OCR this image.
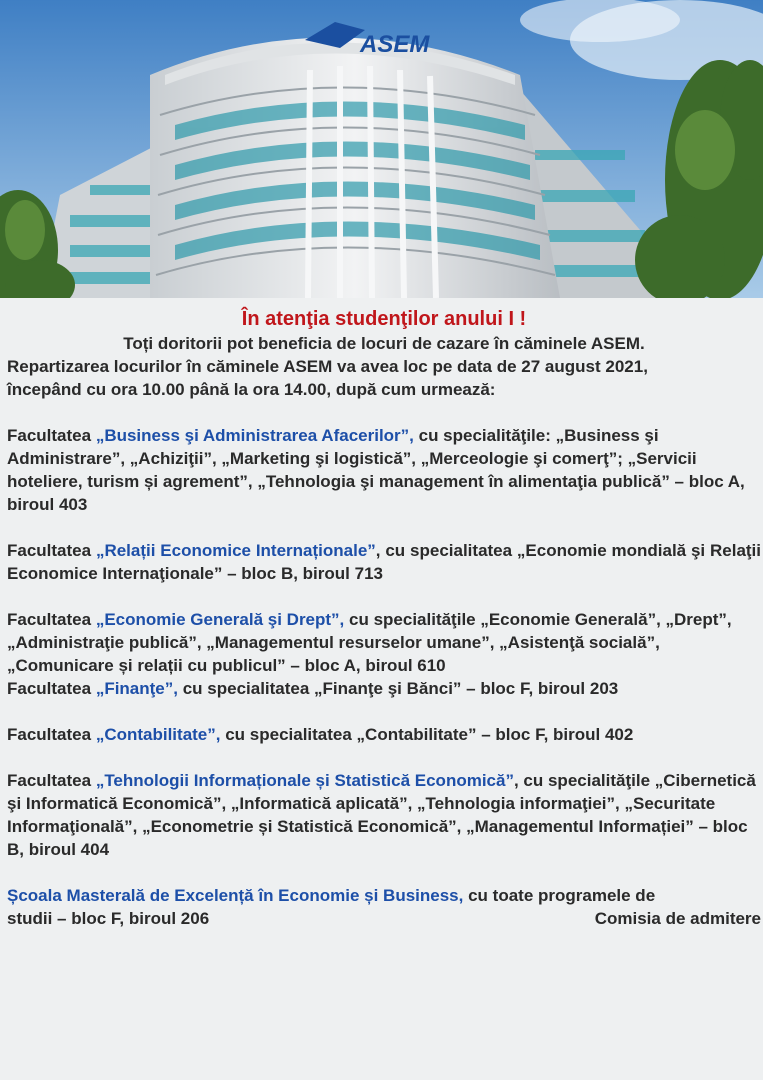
ASEM

În atenţia studenţilor anului I !

Toți doritorii pot beneficia de locuri de cazare în căminele ASEM.

Repartizarea locurilor în căminele ASEM va avea loc pe data de 27 august 2021,

începând cu ora 10.00 până la ora 14.00, după cum urmează:

Facultatea „Business şi Administrarea Afacerilor”, cu specialităţile: „Business şi Administrare”, „Achiziţii”, „Marketing şi logistică”, „Merceologie şi comerţ”; „Servicii hoteliere, turism și agrement”, „Tehnologia şi management în alimentaţia publică” – bloc A, biroul 403

Facultatea „Relații Economice Internaționale”, cu specialitatea „Economie mondială şi Relaţii Economice Internaţionale” – bloc B, biroul 713

Facultatea „Economie Generală şi Drept”, cu specialităţile „Economie Generală”, „Drept”, „Administraţie publică”, „Managementul resurselor umane”, „Asistenţă socială”, „Comunicare și relații cu publicul” – bloc A, biroul 610

Facultatea „Finanţe”, cu specialitatea „Finanţe şi Bănci” – bloc F, biroul 203

Facultatea „Contabilitate”, cu specialitatea „Contabilitate” – bloc F, biroul 402

Facultatea „Tehnologii Informaționale și Statistică Economică”, cu specialităţile „Cibernetică şi Informatică Economică”, „Informatică aplicată”, „Tehnologia informaţiei”, „Securitate Informaţională”, „Econometrie și Statistică Economică”, „Managementul Informației” – bloc B, biroul 404

Școala Masterală de Excelență în Economie și Business, cu toate programele de

studii – bloc F, biroul 206	Comisia de admitere
